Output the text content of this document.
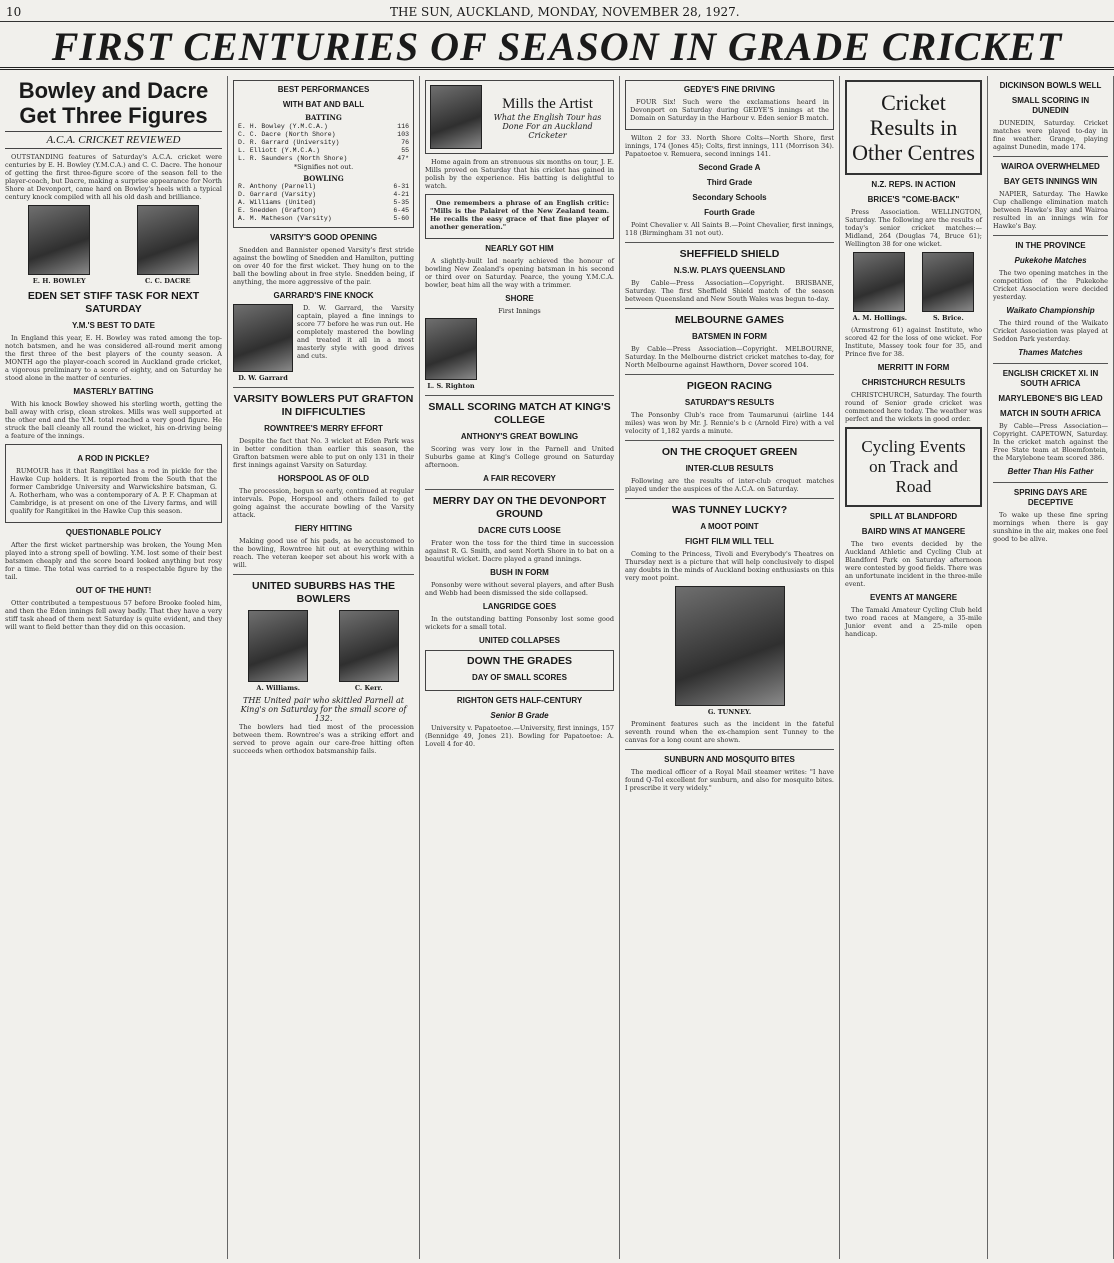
10	THE SUN, AUCKLAND, MONDAY, NOVEMBER 28, 1927.
FIRST CENTURIES OF SEASON IN GRADE CRICKET
Bowley and Dacre Get Three Figures
A.C.A. CRICKET REVIEWED

OUTSTANDING features of Saturday's A.C.A. cricket were centuries by E. H. Bowley (Y.M.C.A.) and C. C. Dacre. The honour of getting the first three-figure score of the season fell to the player-coach, but Dacre, making a surprise appearance for North Shore at Devonport, came hard on Bowley's heels with a typical century knock compiled with all his old dash and brilliance.

E. H. BOWLEY	C. C. DACRE
EDEN SET STIFF TASK FOR NEXT SATURDAY
Y.M.'S BEST TO DATE

In England this year, E. H. Bowley was rated among the top-notch batsmen, and he was considered all-round merit among the first three of the best players of the county season. A MONTH ago the player-coach scored in Auckland grade cricket, a vigorous preliminary to a score of eighty, and on Saturday he stood alone in the matter of centuries.

MASTERLY BATTING

With his knock Bowley showed his sterling worth, getting the ball away with crisp, clean strokes. Mills was well supported at the other end and the Y.M. total reached a very good figure. He struck the ball cleanly all round the wicket, his on-driving being a feature of the innings.

A ROD IN PICKLE?

RUMOUR has it that Rangitikei has a rod in pickle for the Hawke Cup holders. It is reported from the South that the former Cambridge University and Warwickshire batsman, G. A. Rotherham, who was a contemporary of A. P. F. Chapman at Cambridge, is at present on one of the Livery farms, and will qualify for Rangitikei in the Hawke Cup this season.

QUESTIONABLE POLICY

After the first wicket partnership was broken, the Young Men played into a strong spell of bowling. Y.M. lost some of their best batsmen cheaply and the score board looked anything but rosy for a time. The total was carried to a respectable figure by the tail.

OUT OF THE HUNT!

Otter contributed a tempestuous 57 before Brooke fooled him, and then the Eden innings fell away badly. That they have a very stiff task ahead of them next Saturday is quite evident, and they will want to field better than they did on this occasion.

BEST PERFORMANCES
WITH BAT AND BALL
BATTING
E. H. Bowley (Y.M.C.A.)	116
C. C. Dacre (North Shore)	103
D. R. Garrard (University)	76
L. Elliott (Y.M.C.A.)	55
L. R. Saunders (North Shore)	47*
*Signifies not out.
BOWLING
R. Anthony (Parnell)	6-31
D. Garrard (Varsity)	4-21
A. Williams (United)	5-35
E. Snedden (Grafton)	6-45
A. M. Matheson (Varsity)	5-60
VARSITY'S GOOD OPENING

Snedden and Bannister opened Varsity's first stride against the bowling of Snedden and Hamilton, putting on over 40 for the first wicket. They hung on to the ball the bowling about in free style. Snedden being, if anything, the more aggressive of the pair.

GARRARD'S FINE KNOCK
D. W. Garrard

D. W. Garrard, the Varsity captain, played a fine innings to score 77 before he was run out. He completely mastered the bowling and treated it all in a most masterly style with good drives and cuts.

VARSITY BOWLERS PUT GRAFTON IN DIFFICULTIES
ROWNTREE'S MERRY EFFORT

Despite the fact that No. 3 wicket at Eden Park was in better condition than earlier this season, the Grafton batsmen were able to put on only 131 in their first innings against Varsity on Saturday.

HORSPOOL AS OF OLD

The procession, begun so early, continued at regular intervals. Pope, Horspool and others failed to get going against the accurate bowling of the Varsity attack.

FIERY HITTING

Making good use of his pads, as he accustomed to the bowling, Rowntree hit out at everything within reach. The veteran keeper set about his work with a will.

UNITED SUBURBS HAS THE BOWLERS
A. Williams.	C. Kerr.
THE United pair who skittled Parnell at King's on Saturday for the small score of 132.

The bowlers had tied most of the procession between them. Rowntree's was a striking effort and served to prove again our care-free hitting often succeeds when orthodox batsmanship fails.

Mills the Artist
What the English Tour has Done For an Auckland Cricketer

Home again from an strenuous six months on tour, J. E. Mills proved on Saturday that his cricket has gained in polish by the experience. His batting is delightful to watch.

One remembers a phrase of an English critic: "Mills is the Palairet of the New Zealand team. He recalls the easy grace of that fine player of another generation."

NEARLY GOT HIM

A slightly-built lad nearly achieved the honour of bowling New Zealand's opening batsman in his second or third over on Saturday. Pearce, the young Y.M.C.A. bowler, beat him all the way with a trimmer.

SHORE
First Innings
L. S. Righton
SMALL SCORING MATCH AT KING'S COLLEGE
ANTHONY'S GREAT BOWLING

Scoring was very low in the Parnell and United Suburbs game at King's College ground on Saturday afternoon.

A FAIR RECOVERY
MERRY DAY ON THE DEVONPORT GROUND
DACRE CUTS LOOSE

Frater won the toss for the third time in succession against R. G. Smith, and sent North Shore in to bat on a beautiful wicket. Dacre played a grand innings.

BUSH IN FORM

Ponsonby were without several players, and after Bush and Webb had been dismissed the side collapsed.

LANGRIDGE GOES

In the outstanding batting Ponsonby lost some good wickets for a small total.

UNITED COLLAPSES
DOWN THE GRADES
DAY OF SMALL SCORES
RIGHTON GETS HALF-CENTURY
Senior B Grade

University v. Papatoetoe.—University, first innings, 157 (Bennidge 49, Jones 21). Bowling for Papatoetoe: A. Lovell 4 for 40.

GEDYE'S FINE DRIVING

FOUR Six! Such were the exclamations heard in Devonport on Saturday during GEDYE'S innings at the Domain on Saturday in the Harbour v. Eden senior B match.

Wilton 2 for 33. North Shore Colts—North Shore, first innings, 174 (Jones 45); Colts, first innings, 111 (Morrison 34). Papatoetoe v. Remuera, second innings 141.

Second Grade A
Third Grade
Secondary Schools
Fourth Grade

Point Chevalier v. All Saints B.—Point Chevalier, first innings, 118 (Birmingham 31 not out).

SHEFFIELD SHIELD
N.S.W. PLAYS QUEENSLAND

By Cable—Press Association—Copyright. BRISBANE, Saturday. The first Sheffield Shield match of the season between Queensland and New South Wales was begun to-day.

MELBOURNE GAMES
BATSMEN IN FORM

By Cable—Press Association—Copyright. MELBOURNE, Saturday. In the Melbourne district cricket matches to-day, for North Melbourne against Hawthorn, Dover scored 104.

PIGEON RACING
SATURDAY'S RESULTS

The Ponsonby Club's race from Taumarunui (airline 144 miles) was won by Mr. J. Rennie's b c (Arnold Fire) with a vel velocity of 1,182 yards a minute.

ON THE CROQUET GREEN
INTER-CLUB RESULTS

Following are the results of inter-club croquet matches played under the auspices of the A.C.A. on Saturday.

WAS TUNNEY LUCKY?
A MOOT POINT
FIGHT FILM WILL TELL

Coming to the Princess, Tivoli and Everybody's Theatres on Thursday next is a picture that will help conclusively to dispel any doubts in the minds of Auckland boxing enthusiasts on this very moot point.

G. TUNNEY.

Prominent features such as the incident in the fateful seventh round when the ex-champion sent Tunney to the canvas for a long count are shown.

SUNBURN AND MOSQUITO BITES

The medical officer of a Royal Mail steamer writes: "I have found Q-Tol excellent for sunburn, and also for mosquito bites. I prescribe it very widely."

Cricket Results in Other Centres
N.Z. REPS. IN ACTION
BRICE'S "COME-BACK"

Press Association. WELLINGTON, Saturday. The following are the results of today's senior cricket matches:—Midland, 264 (Douglas 74, Bruce 61); Wellington 38 for one wicket.

A. M. Hollings.	S. Brice.

(Armstrong 61) against Institute, who scored 42 for the loss of one wicket. For Institute, Massey took four for 35, and Prince five for 38.

MERRITT IN FORM
CHRISTCHURCH RESULTS

CHRISTCHURCH, Saturday. The fourth round of Senior grade cricket was commenced here today. The weather was perfect and the wickets in good order.

Cycling Events on Track and Road
SPILL AT BLANDFORD
BAIRD WINS AT MANGERE

The two events decided by the Auckland Athletic and Cycling Club at Blandford Park on Saturday afternoon were contested by good fields. There was an unfortunate incident in the three-mile event.

EVENTS AT MANGERE

The Tamaki Amateur Cycling Club held two road races at Mangere, a 35-mile Junior event and a 25-mile open handicap.

DICKINSON BOWLS WELL
SMALL SCORING IN DUNEDIN

DUNEDIN, Saturday. Cricket matches were played to-day in fine weather. Grange, playing against Dunedin, made 174.

WAIROA OVERWHELMED
BAY GETS INNINGS WIN

NAPIER, Saturday. The Hawke Cup challenge elimination match between Hawke's Bay and Wairoa resulted in an innings win for Hawke's Bay.

IN THE PROVINCE
Pukekohe Matches

The two opening matches in the competition of the Pukekohe Cricket Association were decided yesterday.

Waikato Championship

The third round of the Waikato Cricket Association was played at Seddon Park yesterday.

Thames Matches
ENGLISH CRICKET XI. IN SOUTH AFRICA
MARYLEBONE'S BIG LEAD
MATCH IN SOUTH AFRICA

By Cable—Press Association—Copyright. CAPETOWN, Saturday. In the cricket match against the Free State team at Bloemfontein, the Marylebone team scored 386.

Better Than His Father
SPRING DAYS ARE DECEPTIVE

To wake up these fine spring mornings when there is gay sunshine in the air, makes one feel good to be alive.
